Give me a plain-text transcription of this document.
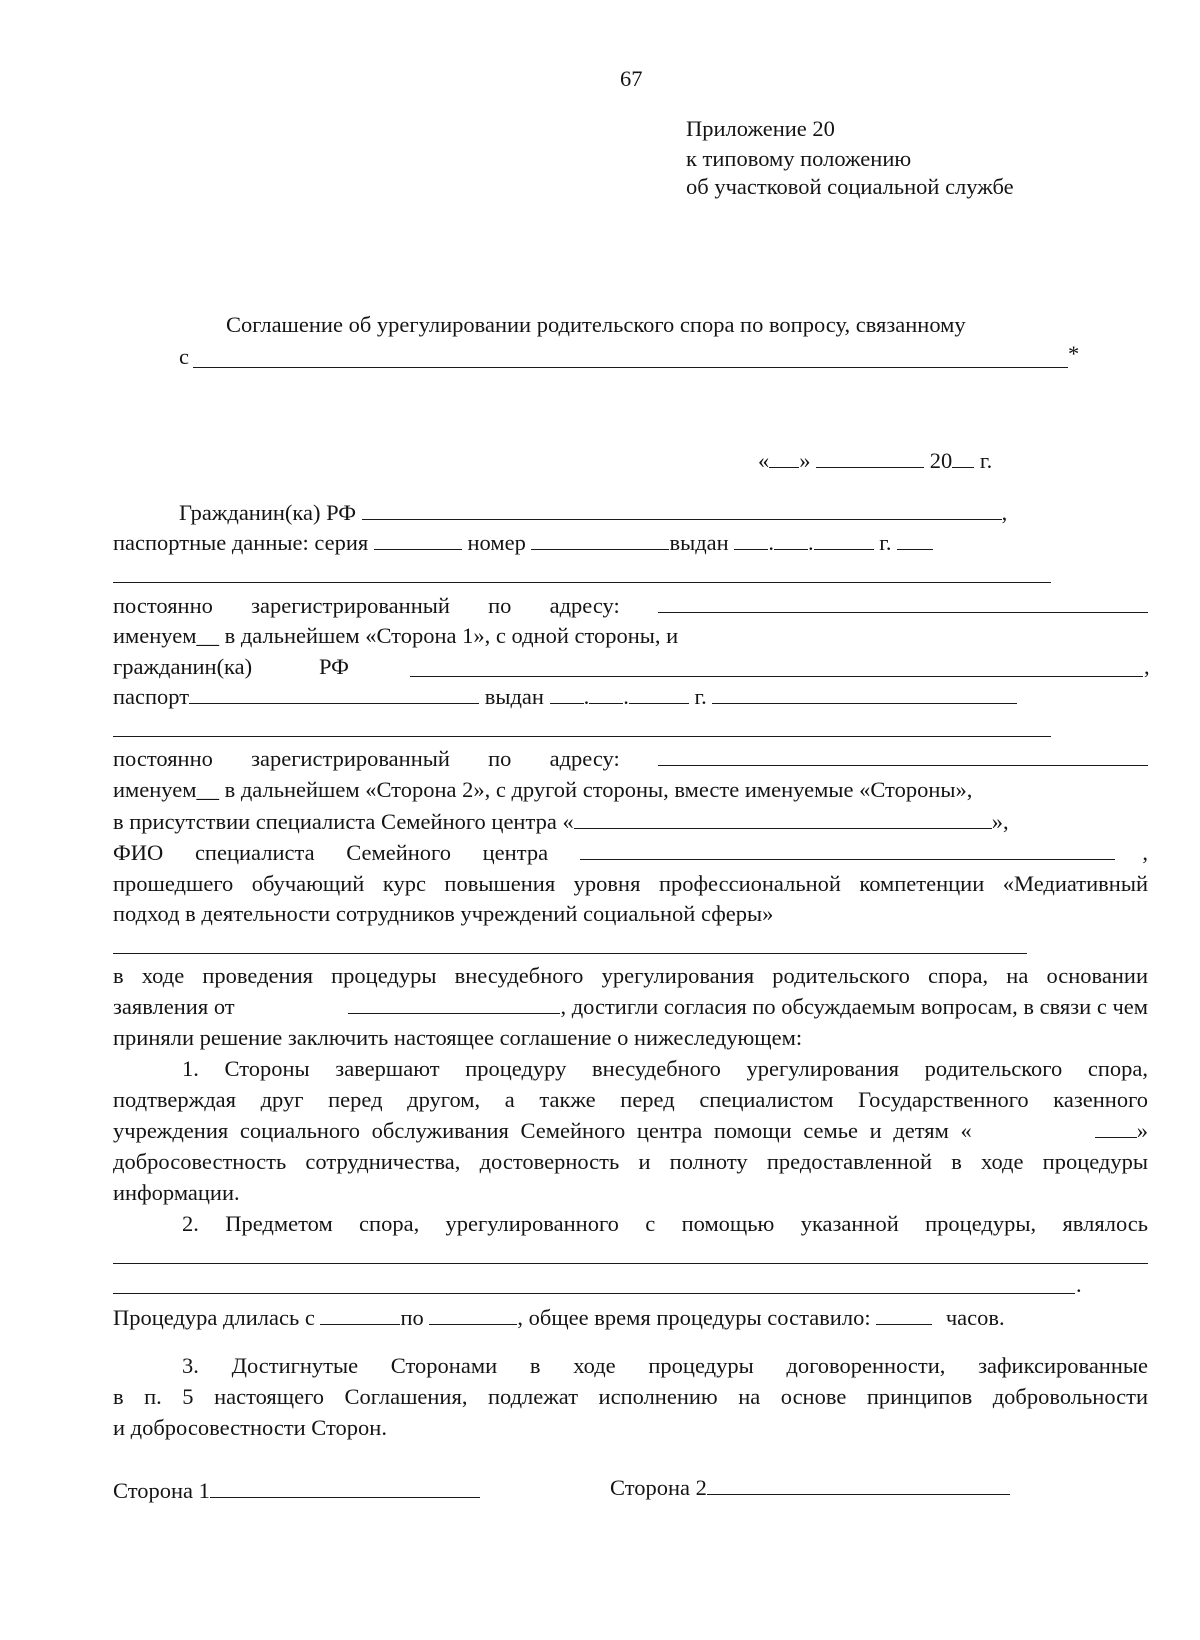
67
Приложение 20
к типовому положению
об участковой социальной службе
Соглашение об урегулировании родительского спора по вопросу, связанному
с	*
« »	20 г.
Гражданин(ка) РФ	,
паспортные данные: серия	номер	выдан . .	г.
постоянно зарегистрированный по адресу:
именуем__ в дальнейшем «Сторона 1», с одной стороны, и
гражданин(ка)	РФ	,
паспорт	выдан . .	г.
постоянно зарегистрированный по адресу:
именуем__ в дальнейшем «Сторона 2», с другой стороны, вместе именуемые «Стороны»,
в присутствии специалиста Семейного центра «	»,
ФИО специалиста Семейного центра	,
прошедшего обучающий курс повышения уровня профессиональной компетенции «Медиативный
подход в деятельности сотрудников учреждений социальной сферы»
в ходе проведения процедуры внесудебного урегулирования родительского спора, на основании
заявления от	, достигли согласия по обсуждаемым вопросам, в связи с чем
приняли решение заключить настоящее соглашение о нижеследующем:
1. Стороны завершают процедуру внесудебного урегулирования родительского спора,
подтверждая друг перед другом, а также перед специалистом Государственного казенного
учреждения социального обслуживания Семейного центра помощи семье и детям «	»
добросовестность сотрудничества, достоверность и полноту предоставленной в ходе процедуры
информации.
2. Предметом спора, урегулированного с помощью указанной процедуры, являлось
.
Процедура длилась с	по	, общее время процедуры составило:	часов.
3. Достигнутые Сторонами в ходе процедуры договоренности, зафиксированные
в п. 5 настоящего Соглашения, подлежат исполнению на основе принципов добровольности
и добросовестности Сторон.
Сторона 1	Сторона 2
